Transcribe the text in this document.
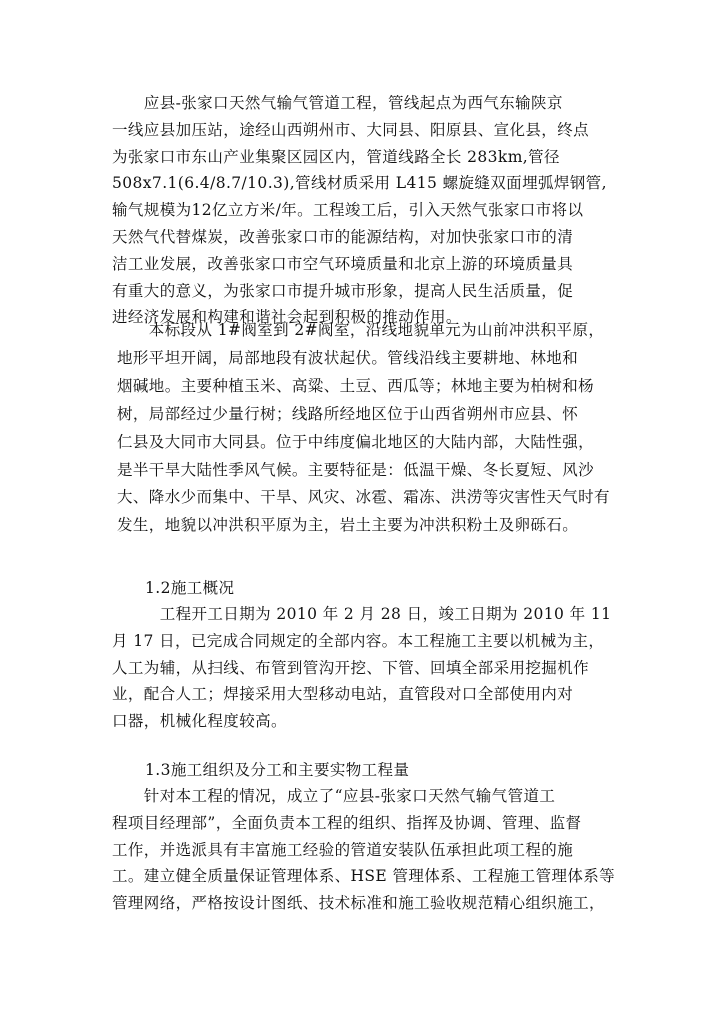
　　应县-张家口天然气输气管道工程，管线起点为西气东输陕京
一线应县加压站，途经山西朔州市、大同县、阳原县、宣化县，终点
为张家口市东山产业集聚区园区内，管道线路全长 283km,管径
508x7.1(6.4/8.7/10.3),管线材质采用 L415 螺旋缝双面埋弧焊钢管,
输气规模为12亿立方米/年。工程竣工后，引入天然气张家口市将以
天然气代替煤炭，改善张家口市的能源结构，对加快张家口市的清
洁工业发展，改善张家口市空气环境质量和北京上游的环境质量具
有重大的意义，为张家口市提升城市形象，提高人民生活质量，促
进经济发展和构建和谐社会起到积极的推动作用。
　　本标段从 1#阀室到 2#阀室，沿线地貌单元为山前冲洪积平原，
地形平坦开阔，局部地段有波状起伏。管线沿线主要耕地、林地和
烟碱地。主要种植玉米、高粱、土豆、西瓜等；林地主要为柏树和杨
树，局部经过少量行树；线路所经地区位于山西省朔州市应县、怀
仁县及大同市大同县。位于中纬度偏北地区的大陆内部，大陆性强，
是半干旱大陆性季风气候。主要特征是：低温干燥、冬长夏短、风沙
大、降水少而集中、干旱、风灾、冰雹、霜冻、洪涝等灾害性天气时有
发生，地貌以冲洪积平原为主，岩土主要为冲洪积粉土及卵砾石。
1.2施工概况
　　　工程开工日期为 2010 年 2 月 28 日，竣工日期为 2010 年 11
月 17 日，已完成合同规定的全部内容。本工程施工主要以机械为主，
人工为辅，从扫线、布管到管沟开挖、下管、回填全部采用挖掘机作
业，配合人工；焊接采用大型移动电站，直管段对口全部使用内对
口器，机械化程度较高。
1.3施工组织及分工和主要实物工程量
　　针对本工程的情况，成立了“应县-张家口天然气输气管道工
程项目经理部”，全面负责本工程的组织、指挥及协调、管理、监督
工作，并选派具有丰富施工经验的管道安装队伍承担此项工程的施
工。建立健全质量保证管理体系、HSE 管理体系、工程施工管理体系等
管理网络，严格按设计图纸、技术标准和施工验收规范精心组织施工，
